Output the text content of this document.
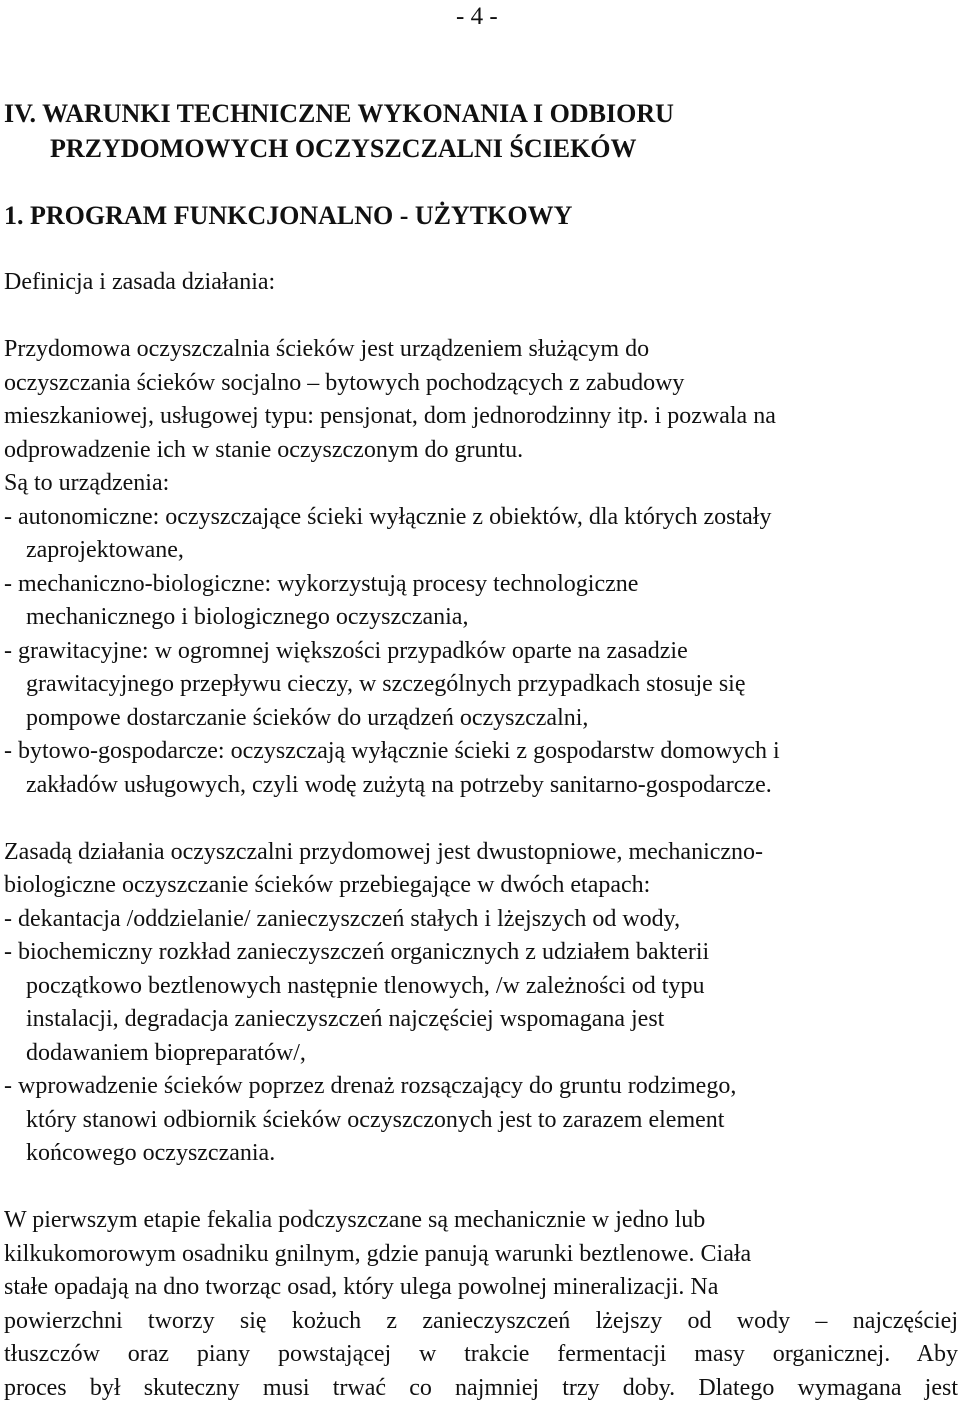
- 4 -
IV. WARUNKI TECHNICZNE WYKONANIA I ODBIORU
PRZYDOMOWYCH OCZYSZCZALNI ŚCIEKÓW
1. PROGRAM FUNKCJONALNO - UŻYTKOWY
Definicja i zasada działania:
Przydomowa oczyszczalnia ścieków jest urządzeniem służącym do
oczyszczania ścieków socjalno – bytowych pochodzących z zabudowy
mieszkaniowej, usługowej typu: pensjonat, dom jednorodzinny itp. i pozwala na
odprowadzenie ich w stanie oczyszczonym do gruntu.
Są to urządzenia:
- autonomiczne: oczyszczające ścieki wyłącznie z obiektów, dla których zostały
zaprojektowane,
- mechaniczno-biologiczne: wykorzystują procesy technologiczne
mechanicznego i biologicznego oczyszczania,
- grawitacyjne: w ogromnej większości przypadków oparte na zasadzie
grawitacyjnego przepływu cieczy, w szczególnych przypadkach stosuje się
pompowe dostarczanie ścieków do urządzeń oczyszczalni,
- bytowo-gospodarcze: oczyszczają wyłącznie ścieki z gospodarstw domowych i
zakładów usługowych, czyli wodę zużytą na potrzeby sanitarno-gospodarcze.
Zasadą działania oczyszczalni przydomowej jest dwustopniowe, mechaniczno-
biologiczne oczyszczanie ścieków przebiegające w dwóch etapach:
- dekantacja /oddzielanie/ zanieczyszczeń stałych i lżejszych od wody,
- biochemiczny rozkład zanieczyszczeń organicznych z udziałem bakterii
początkowo beztlenowych następnie tlenowych, /w zależności od typu
instalacji, degradacja zanieczyszczeń najczęściej wspomagana jest
dodawaniem biopreparatów/,
- wprowadzenie ścieków poprzez drenaż rozsączający do gruntu rodzimego,
który stanowi odbiornik ścieków oczyszczonych jest to zarazem element
końcowego oczyszczania.
W pierwszym etapie fekalia podczyszczane są mechanicznie w jedno lub
kilkukomorowym osadniku gnilnym, gdzie panują warunki beztlenowe. Ciała
stałe opadają na dno tworząc osad, który ulega powolnej mineralizacji. Na
powierzchni tworzy się kożuch z zanieczyszczeń lżejszy od wody – najczęściej
tłuszczów oraz piany powstającej w trakcie fermentacji masy organicznej. Aby
proces był skuteczny musi trwać co najmniej trzy doby. Dlatego wymagana jest
